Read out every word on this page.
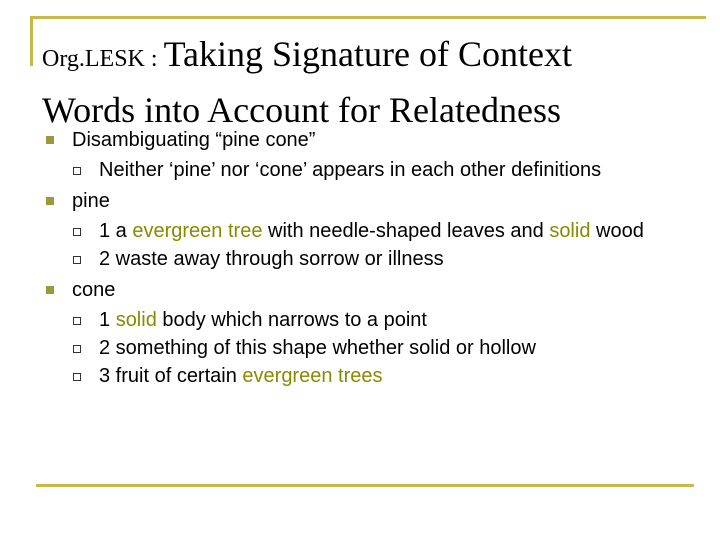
Org.LESK : Taking Signature of Context
Words into Account for Relatedness
Disambiguating “pine cone”
Neither ‘pine’ nor ‘cone’ appears in each other definitions
pine
1 a evergreen tree with needle-shaped leaves and solid wood
2 waste away through sorrow or illness
cone
1 solid body which narrows to a point
2 something of this shape whether solid or hollow
3 fruit of certain evergreen trees
